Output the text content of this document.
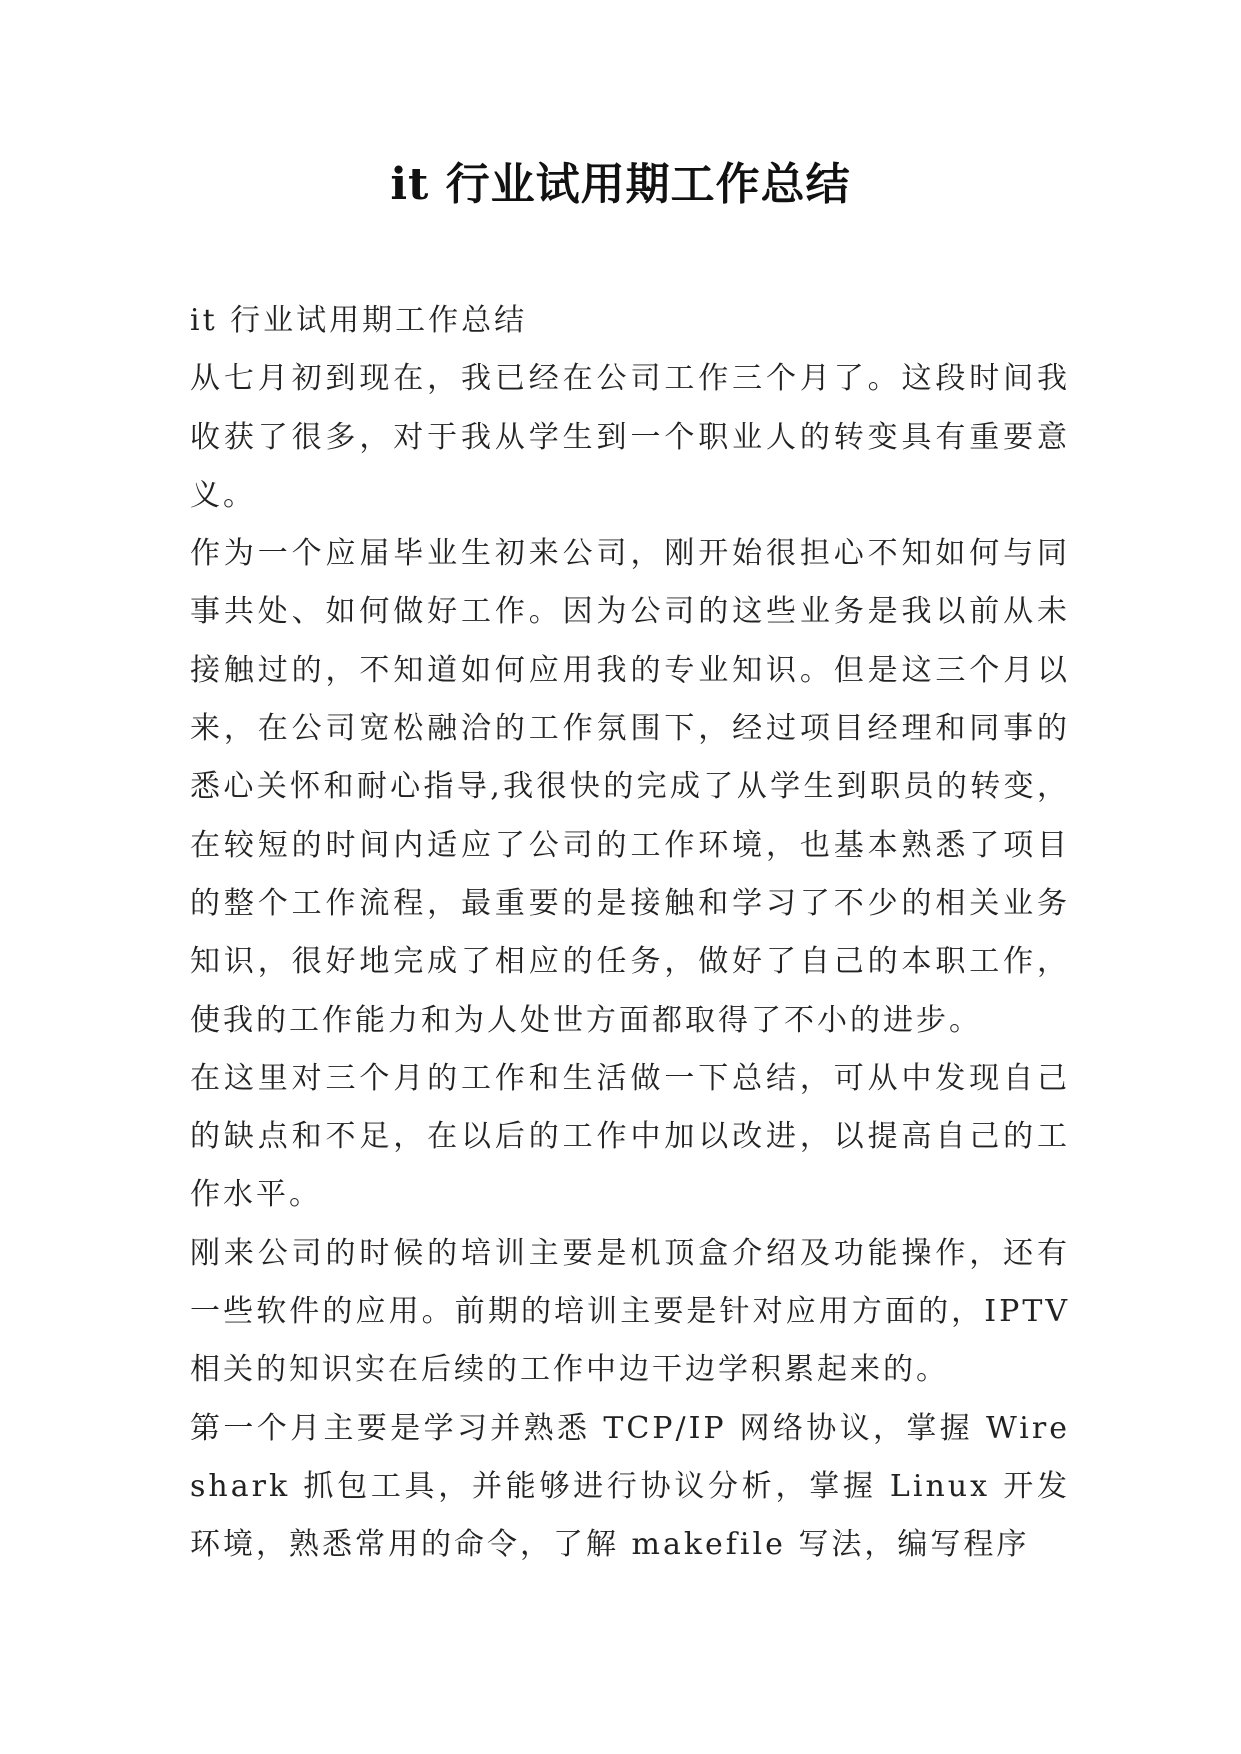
it 行业试用期工作总结

it 行业试用期工作总结

从七月初到现在，我已经在公司工作三个月了。这段时间我收获了很多，对于我从学生到一个职业人的转变具有重要意义。

作为一个应届毕业生初来公司，刚开始很担心不知如何与同事共处、如何做好工作。因为公司的这些业务是我以前从未接触过的，不知道如何应用我的专业知识。但是这三个月以来，在公司宽松融洽的工作氛围下，经过项目经理和同事的悉心关怀和耐心指导,我很快的完成了从学生到职员的转变，在较短的时间内适应了公司的工作环境，也基本熟悉了项目的整个工作流程，最重要的是接触和学习了不少的相关业务知识，很好地完成了相应的任务，做好了自己的本职工作，使我的工作能力和为人处世方面都取得了不小的进步。

在这里对三个月的工作和生活做一下总结，可从中发现自己的缺点和不足，在以后的工作中加以改进，以提高自己的工作水平。

刚来公司的时候的培训主要是机顶盒介绍及功能操作，还有一些软件的应用。前期的培训主要是针对应用方面的，IPTV 相关的知识实在后续的工作中边干边学积累起来的。

第一个月主要是学习并熟悉 TCP/IP 网络协议，掌握 Wireshark 抓包工具，并能够进行协议分析，掌握 Linux 开发环境，熟悉常用的命令，了解 makefile 写法，编写程序
